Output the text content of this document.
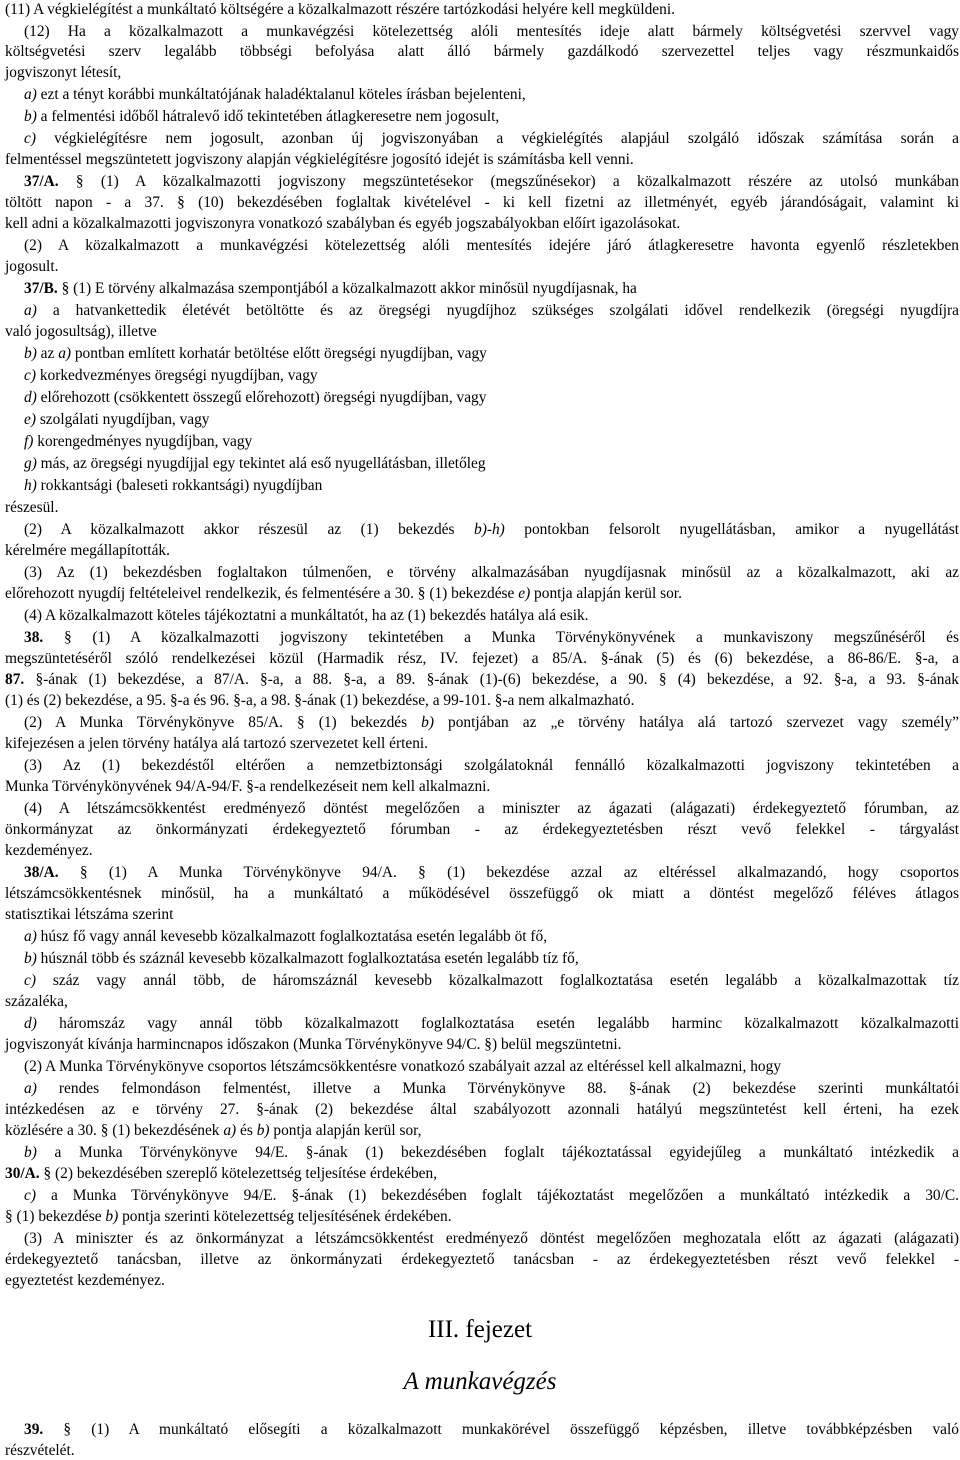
(11) A végkielégítést a munkáltató költségére a közalkalmazott részére tartózkodási helyére kell megküldeni.
(12) Ha a közalkalmazott a munkavégzési kötelezettség alóli mentesítés ideje alatt bármely költségvetési szervvel vagy
költségvetési szerv legalább többségi befolyása alatt álló bármely gazdálkodó szervezettel teljes vagy részmunkaidős
jogviszonyt létesít,
a) ezt a tényt korábbi munkáltatójának haladéktalanul köteles írásban bejelenteni,
b) a felmentési időből hátralevő idő tekintetében átlagkeresetre nem jogosult,
c) végkielégítésre nem jogosult, azonban új jogviszonyában a végkielégítés alapjául szolgáló időszak számítása során a
felmentéssel megszüntetett jogviszony alapján végkielégítésre jogosító idejét is számításba kell venni.
37/A. § (1) A közalkalmazotti jogviszony megszüntetésekor (megszűnésekor) a közalkalmazott részére az utolsó munkában
töltött napon - a 37. § (10) bekezdésében foglaltak kivételével - ki kell fizetni az illetményét, egyéb járandóságait, valamint ki
kell adni a közalkalmazotti jogviszonyra vonatkozó szabályban és egyéb jogszabályokban előírt igazolásokat.
(2) A közalkalmazott a munkavégzési kötelezettség alóli mentesítés idejére járó átlagkeresetre havonta egyenlő részletekben
jogosult.
37/B. § (1) E törvény alkalmazása szempontjából a közalkalmazott akkor minősül nyugdíjasnak, ha
a) a hatvankettedik életévét betöltötte és az öregségi nyugdíjhoz szükséges szolgálati idővel rendelkezik (öregségi nyugdíjra
való jogosultság), illetve
b) az a) pontban említett korhatár betöltése előtt öregségi nyugdíjban, vagy
c) korkedvezményes öregségi nyugdíjban, vagy
d) előrehozott (csökkentett összegű előrehozott) öregségi nyugdíjban, vagy
e) szolgálati nyugdíjban, vagy
f) korengedményes nyugdíjban, vagy
g) más, az öregségi nyugdíjjal egy tekintet alá eső nyugellátásban, illetőleg
h) rokkantsági (baleseti rokkantsági) nyugdíjban
részesül.
(2) A közalkalmazott akkor részesül az (1) bekezdés b)-h) pontokban felsorolt nyugellátásban, amikor a nyugellátást
kérelmére megállapították.
(3) Az (1) bekezdésben foglaltakon túlmenően, e törvény alkalmazásában nyugdíjasnak minősül az a közalkalmazott, aki az
előrehozott nyugdíj feltételeivel rendelkezik, és felmentésére a 30. § (1) bekezdése e) pontja alapján kerül sor.
(4) A közalkalmazott köteles tájékoztatni a munkáltatót, ha az (1) bekezdés hatálya alá esik.
38. § (1) A közalkalmazotti jogviszony tekintetében a Munka Törvénykönyvének a munkaviszony megszűnéséről és
megszüntetéséről szóló rendelkezései közül (Harmadik rész, IV. fejezet) a 85/A. §-ának (5) és (6) bekezdése, a 86-86/E. §-a, a
87. §-ának (1) bekezdése, a 87/A. §-a, a 88. §-a, a 89. §-ának (1)-(6) bekezdése, a 90. § (4) bekezdése, a 92. §-a, a 93. §-ának
(1) és (2) bekezdése, a 95. §-a és 96. §-a, a 98. §-ának (1) bekezdése, a 99-101. §-a nem alkalmazható.
(2) A Munka Törvénykönyve 85/A. § (1) bekezdés b) pontjában az „e törvény hatálya alá tartozó szervezet vagy személy”
kifejezésen a jelen törvény hatálya alá tartozó szervezetet kell érteni.
(3) Az (1) bekezdéstől eltérően a nemzetbiztonsági szolgálatoknál fennálló közalkalmazotti jogviszony tekintetében a
Munka Törvénykönyvének 94/A-94/F. §-a rendelkezéseit nem kell alkalmazni.
(4) A létszámcsökkentést eredményező döntést megelőzően a miniszter az ágazati (alágazati) érdekegyeztető fórumban, az
önkormányzat az önkormányzati érdekegyeztető fórumban - az érdekegyeztetésben részt vevő felekkel - tárgyalást
kezdeményez.
38/A. § (1) A Munka Törvénykönyve 94/A. § (1) bekezdése azzal az eltéréssel alkalmazandó, hogy csoportos
létszámcsökkentésnek minősül, ha a munkáltató a működésével összefüggő ok miatt a döntést megelőző féléves átlagos
statisztikai létszáma szerint
a) húsz fő vagy annál kevesebb közalkalmazott foglalkoztatása esetén legalább öt fő,
b) húsznál több és száznál kevesebb közalkalmazott foglalkoztatása esetén legalább tíz fő,
c) száz vagy annál több, de háromszáznál kevesebb közalkalmazott foglalkoztatása esetén legalább a közalkalmazottak tíz
százaléka,
d) háromszáz vagy annál több közalkalmazott foglalkoztatása esetén legalább harminc közalkalmazott közalkalmazotti
jogviszonyát kívánja harmincnapos időszakon (Munka Törvénykönyve 94/C. §) belül megszüntetni.
(2) A Munka Törvénykönyve csoportos létszámcsökkentésre vonatkozó szabályait azzal az eltéréssel kell alkalmazni, hogy
a) rendes felmondáson felmentést, illetve a Munka Törvénykönyve 88. §-ának (2) bekezdése szerinti munkáltatói
intézkedésen az e törvény 27. §-ának (2) bekezdése által szabályozott azonnali hatályú megszüntetést kell érteni, ha ezek
közlésére a 30. § (1) bekezdésének a) és b) pontja alapján kerül sor,
b) a Munka Törvénykönyve 94/E. §-ának (1) bekezdésében foglalt tájékoztatással egyidejűleg a munkáltató intézkedik a
30/A. § (2) bekezdésében szereplő kötelezettség teljesítése érdekében,
c) a Munka Törvénykönyve 94/E. §-ának (1) bekezdésében foglalt tájékoztatást megelőzően a munkáltató intézkedik a 30/C.
§ (1) bekezdése b) pontja szerinti kötelezettség teljesítésének érdekében.
(3) A miniszter és az önkormányzat a létszámcsökkentést eredményező döntést megelőzően meghozatala előtt az ágazati (alágazati)
érdekegyeztető tanácsban, illetve az önkormányzati érdekegyeztető tanácsban - az érdekegyeztetésben részt vevő felekkel -
egyeztetést kezdeményez.
III. fejezet
A munkavégzés
39. § (1) A munkáltató elősegíti a közalkalmazott munkakörével összefüggő képzésben, illetve továbbképzésben való
részvételét.
